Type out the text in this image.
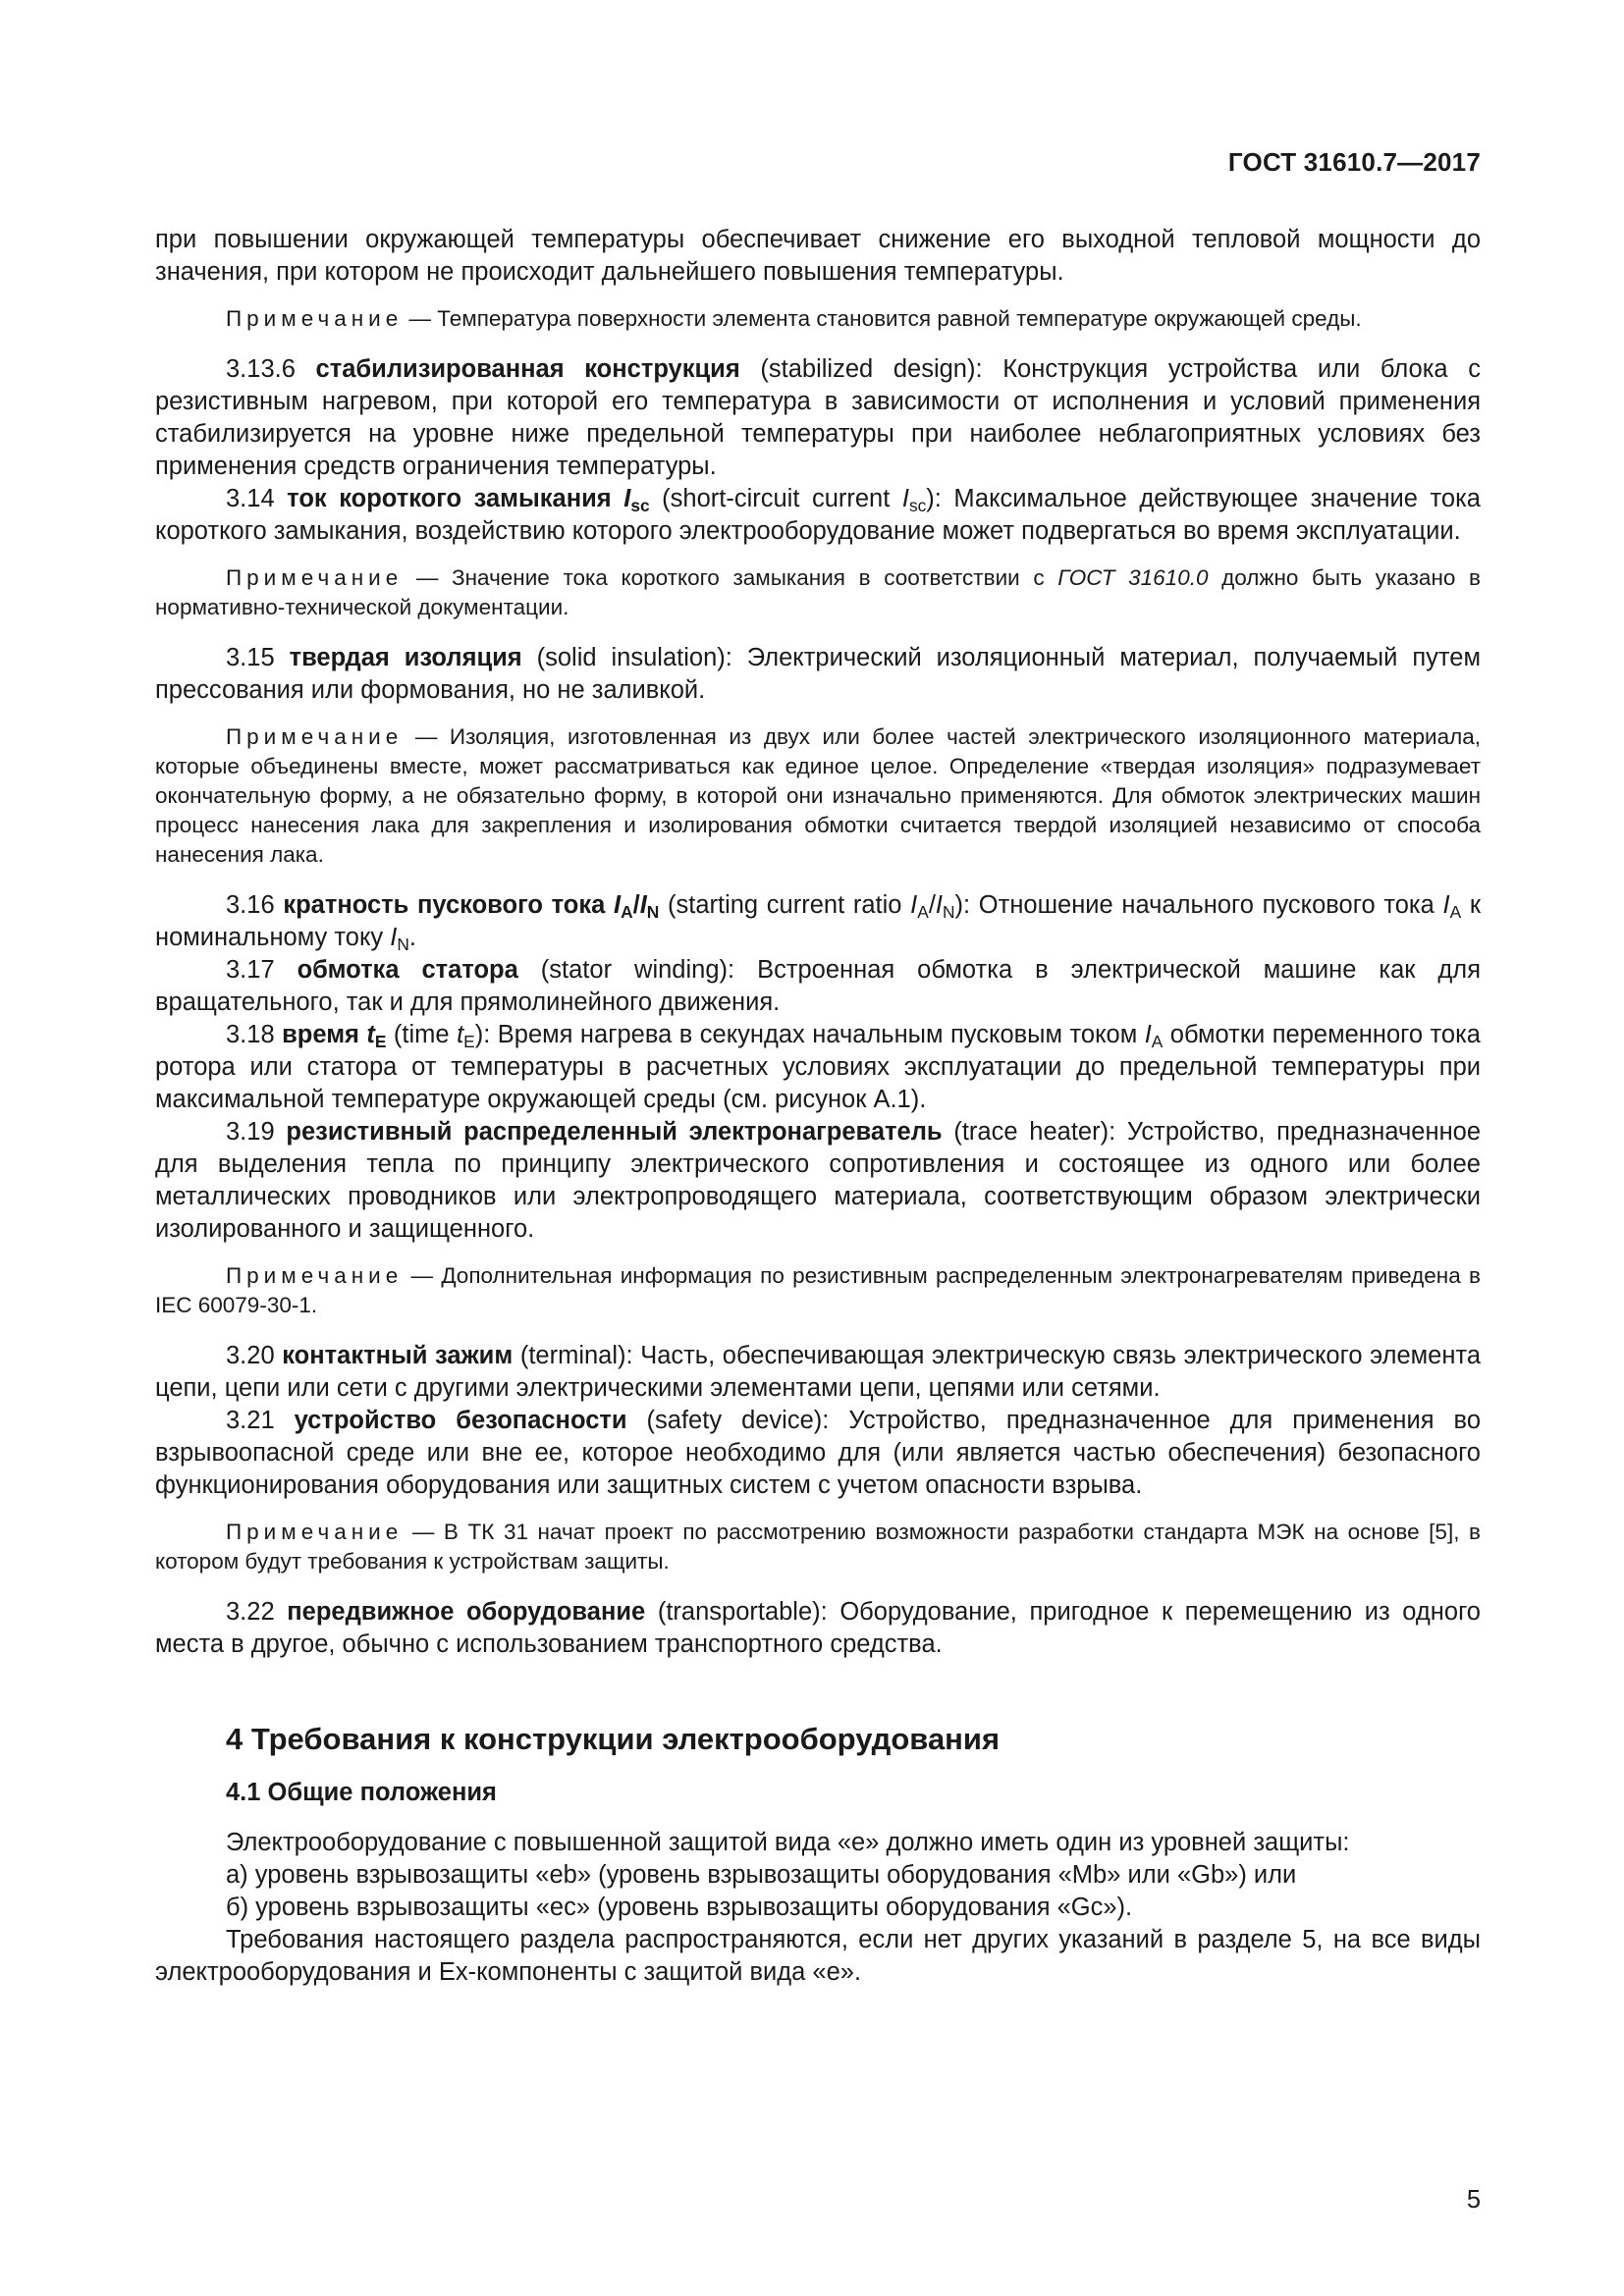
ГОСТ 31610.7—2017

при повышении окружающей температуры обеспечивает снижение его выходной тепловой мощности до значения, при котором не происходит дальнейшего повышения температуры.

Примечание — Температура поверхности элемента становится равной температуре окружающей среды.

3.13.6 стабилизированная конструкция (stabilized design): Конструкция устройства или блока с резистивным нагревом, при которой его температура в зависимости от исполнения и условий применения стабилизируется на уровне ниже предельной температуры при наиболее неблагоприятных условиях без применения средств ограничения температуры.

3.14 ток короткого замыкания $I_{sc}$ (short-circuit current $I_{sc}$): Максимальное действующее значение тока короткого замыкания, воздействию которого электрооборудование может подвергаться во время эксплуатации.

Примечание — Значение тока короткого замыкания в соответствии с ГОСТ 31610.0 должно быть указано в нормативно-технической документации.

3.15 твердая изоляция (solid insulation): Электрический изоляционный материал, получаемый путем прессования или формования, но не заливкой.

Примечание — Изоляция, изготовленная из двух или более частей электрического изоляционного материала, которые объединены вместе, может рассматриваться как единое целое. Определение «твердая изоляция» подразумевает окончательную форму, а не обязательно форму, в которой они изначально применяются. Для обмоток электрических машин процесс нанесения лака для закрепления и изолирования обмотки считается твердой изоляцией независимо от способа нанесения лака.

3.16 кратность пускового тока $I_A/I_N$ (starting current ratio $I_A/I_N$): Отношение начального пускового тока $I_A$ к номинальному току $I_N$.

3.17 обмотка статора (stator winding): Встроенная обмотка в электрической машине как для вращательного, так и для прямолинейного движения.

3.18 время $t_E$ (time $t_E$): Время нагрева в секундах начальным пусковым током $I_A$ обмотки переменного тока ротора или статора от температуры в расчетных условиях эксплуатации до предельной температуры при максимальной температуре окружающей среды (см. рисунок А.1).

3.19 резистивный распределенный электронагреватель (trace heater): Устройство, предназначенное для выделения тепла по принципу электрического сопротивления и состоящее из одного или более металлических проводников или электропроводящего материала, соответствующим образом электрически изолированного и защищенного.

Примечание — Дополнительная информация по резистивным распределенным электронагревателям приведена в IEC 60079-30-1.

3.20 контактный зажим (terminal): Часть, обеспечивающая электрическую связь электрического элемента цепи, цепи или сети с другими электрическими элементами цепи, цепями или сетями.

3.21 устройство безопасности (safety device): Устройство, предназначенное для применения во взрывоопасной среде или вне ее, которое необходимо для (или является частью обеспечения) безопасного функционирования оборудования или защитных систем с учетом опасности взрыва.

Примечание — В ТК 31 начат проект по рассмотрению возможности разработки стандарта МЭК на основе [5], в котором будут требования к устройствам защиты.

3.22 передвижное оборудование (transportable): Оборудование, пригодное к перемещению из одного места в другое, обычно с использованием транспортного средства.

4 Требования к конструкции электрооборудования
4.1 Общие положения

Электрооборудование с повышенной защитой вида «е» должно иметь один из уровней защиты:

а) уровень взрывозащиты «eb» (уровень взрывозащиты оборудования «Mb» или «Gb») или

б) уровень взрывозащиты «ec» (уровень взрывозащиты оборудования «Gc»).

Требования настоящего раздела распространяются, если нет других указаний в разделе 5, на все виды электрооборудования и Ex-компоненты с защитой вида «е».

5
